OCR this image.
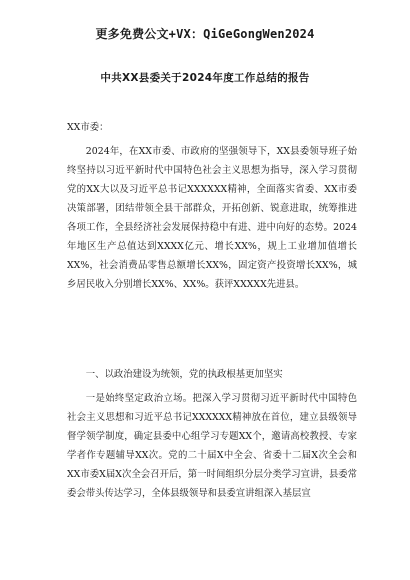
更多免费公文+VX：QiGeGongWen2024
中共XX县委关于2024年度工作总结的报告
XX市委：
2024年，在XX市委、市政府的坚强领导下，XX县委领导班子始终坚持以习近平新时代中国特色社会主义思想为指导，深入学习贯彻党的XX大以及习近平总书记XXXXXX精神，全面落实省委、XX市委决策部署，团结带领全县干部群众，开拓创新、锐意进取，统筹推进各项工作，全县经济社会发展保持稳中有进、进中向好的态势。2024年地区生产总值达到XXXX亿元、增长XX%，规上工业增加值增长XX%，社会消费品零售总额增长XX%，固定资产投资增长XX%，城乡居民收入分别增长XX%、XX%。获评XXXXX先进县。
一、以政治建设为统领，党的执政根基更加坚实
一是始终坚定政治立场。把深入学习贯彻习近平新时代中国特色社会主义思想和习近平总书记XXXXXX精神放在首位，建立县级领导督学领学制度，确定县委中心组学习专题XX个，邀请高校教授、专家学者作专题辅导XX次。党的二十届X中全会、省委十二届X次全会和XX市委X届X次全会召开后，第一时间组织分层分类学习宣讲，县委常委会带头传达学习，全体县级领导和县委宣讲组深入基层宣
